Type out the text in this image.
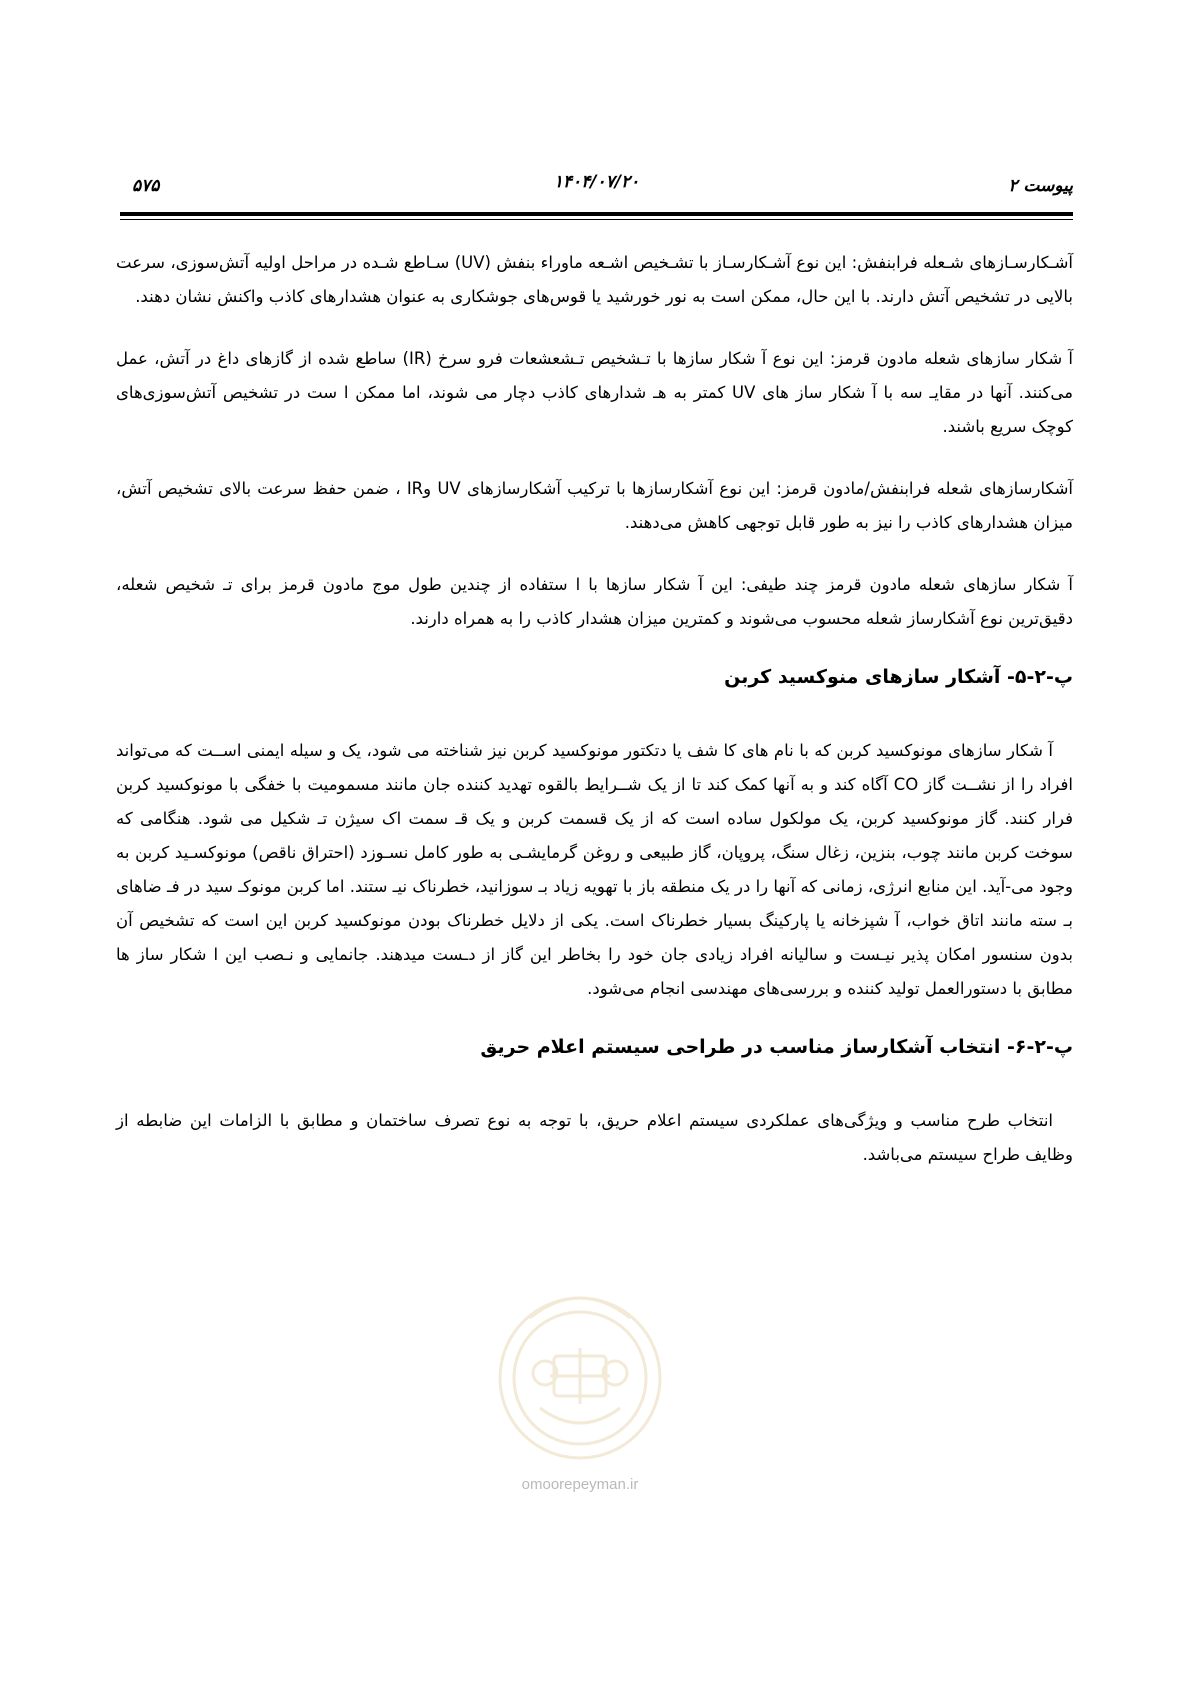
پیوست ۲
۱۴۰۴/۰۷/۲۰
۵۷۵

آشـکارسـازهای شـعله فرابنفش: این نوع آشـکارسـاز با تشـخیص اشـعه ماوراء بنفش (UV) سـاطع شـده در مراحل اولیه آتش‌سوزی، سرعت بالایی در تشخیص آتش دارند. با این حال، ممکن است به نور خورشید یا قوس‌های جوشکاری به عنوان هشدارهای کاذب واکنش نشان دهند.

آ شکار سازهای شعله مادون قرمز: این نوع آ شکار سازها با تـشخیص تـشعشعات فرو سرخ (IR) ساطع شده از گازهای داغ در آتش، عمل می‌کنند. آنها در مقایـ سه با آ شکار ساز های UV کمتر به هـ شدارهای کاذب دچار می شوند، اما ممکن ا ست در تشخیص آتش‌سوزی‌های کوچک سریع باشند.

آشکارسازهای شعله فرابنفش/مادون قرمز: این نوع آشکارسازها با ترکیب آشکارسازهای UV وIR ، ضمن حفظ سرعت بالای تشخیص آتش، میزان هشدارهای کاذب را نیز به طور قابل توجهی کاهش می‌دهند.

آ شکار سازهای شعله مادون قرمز چند طیفی: این آ شکار سازها با ا ستفاده از چندین طول موج مادون قرمز برای تـ شخیص شعله، دقیق‌ترین نوع آشکارساز شعله محسوب می‌شوند و کمترین میزان هشدار کاذب را به همراه دارند.

پ-۲-۵- آشکار سازهای منوکسید کربن

آ شکار سازهای مونوکسید کربن که با نام های کا شف یا دتکتور مونوکسید کربن نیز شناخته می شود، یک و سیله ایمنی اســت که می‌تواند افراد را از نشــت گاز CO آگاه کند و به آنها کمک کند تا از یک شــرایط بالقوه تهدید کننده جان مانند مسمومیت با خفگی با مونوکسید کربن فرار کنند. گاز مونوکسید کربن، یک مولکول ساده است که از یک قسمت کربن و یک قـ سمت اک سیژن تـ شکیل می شود. هنگامی که سوخت کربن مانند چوب، بنزین، زغال سنگ، پروپان، گاز طبیعی و روغن گرمایشـی به طور کامل نسـوزد (احتراق ناقص) مونوکسـید کربن به وجود می-آید. این منابع انرژی، زمانی که آنها را در یک منطقه باز با تهویه زیاد بـ سوزانید، خطرناک نیـ ستند. اما کربن مونوکـ سید در فـ ضاهای بـ سته مانند اتاق خواب، آ شپزخانه یا پارکینگ بسیار خطرناک است. یکی از دلایل خطرناک بودن مونوکسید کربن این است که تشخیص آن بدون سنسور امکان پذیر نیـست و سالیانه افراد زیادی جان خود را بخاطر این گاز از دـست میدهند. جانمایی و نـصب این ا شکار ساز ها مطابق با دستورالعمل تولید کننده و بررسی‌های مهندسی انجام می‌شود.

پ-۲-۶- انتخاب آشکارساز مناسب در طراحی سیستم اعلام حریق

انتخاب طرح مناسب و ویژگی‌های عملکردی سیستم اعلام حریق، با توجه به نوع تصرف ساختمان و مطابق با الزامات این ضابطه از وظایف طراح سیستم می‌باشد.

omoorepeyman.ir
